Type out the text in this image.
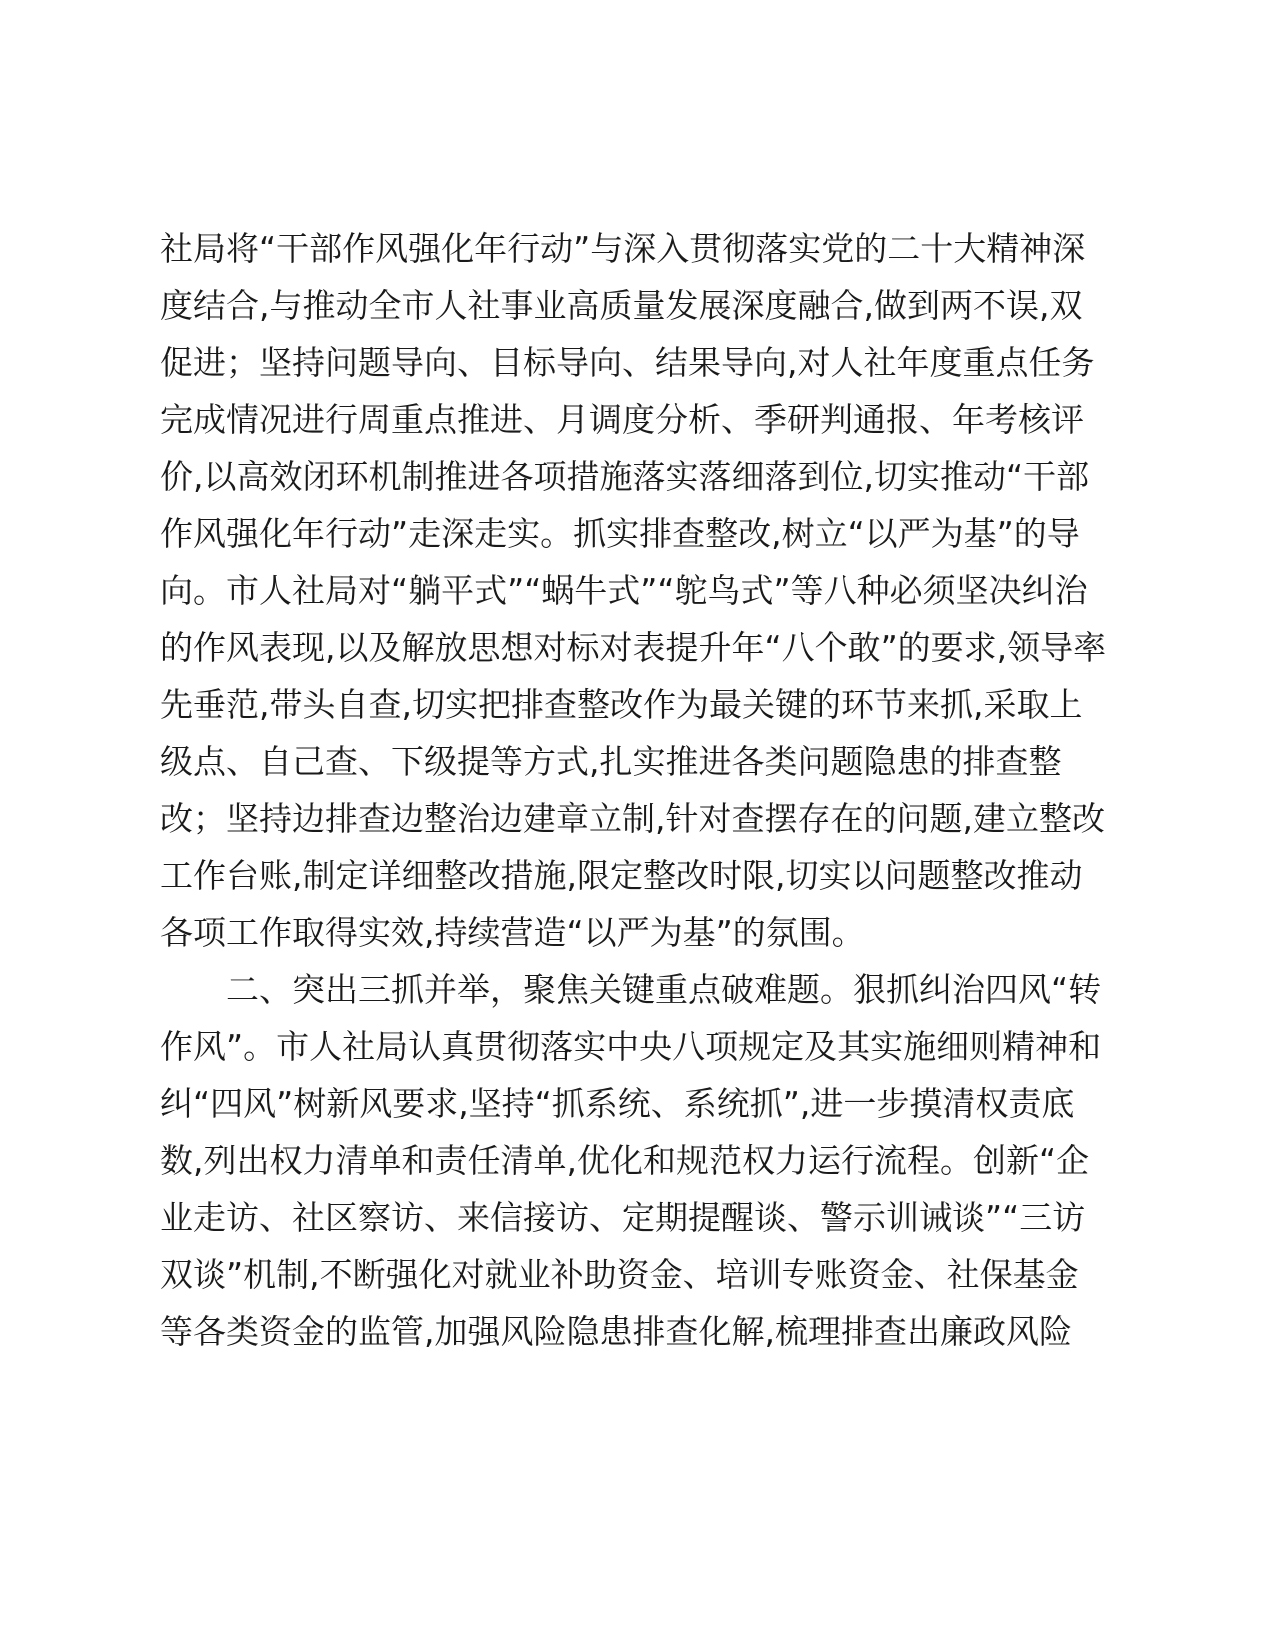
社局将“干部作风强化年行动”与深入贯彻落实党的二十大精神深
度结合,与推动全市人社事业高质量发展深度融合,做到两不误,双
促进；坚持问题导向、目标导向、结果导向,对人社年度重点任务
完成情况进行周重点推进、月调度分析、季研判通报、年考核评
价,以高效闭环机制推进各项措施落实落细落到位,切实推动“干部
作风强化年行动”走深走实。抓实排查整改,树立“以严为基”的导
向。市人社局对“躺平式”“蜗牛式”“鸵鸟式”等八种必须坚决纠治
的作风表现,以及解放思想对标对表提升年“八个敢”的要求,领导率
先垂范,带头自查,切实把排查整改作为最关键的环节来抓,采取上
级点、自己查、下级提等方式,扎实推进各类问题隐患的排查整
改；坚持边排查边整治边建章立制,针对查摆存在的问题,建立整改
工作台账,制定详细整改措施,限定整改时限,切实以问题整改推动
各项工作取得实效,持续营造“以严为基”的氛围。
二、突出三抓并举，聚焦关键重点破难题。狠抓纠治四风“转
作风”。市人社局认真贯彻落实中央八项规定及其实施细则精神和
纠“四风”树新风要求,坚持“抓系统、系统抓”,进一步摸清权责底
数,列出权力清单和责任清单,优化和规范权力运行流程。创新“企
业走访、社区察访、来信接访、定期提醒谈、警示训诫谈”“三访
双谈”机制,不断强化对就业补助资金、培训专账资金、社保基金
等各类资金的监管,加强风险隐患排查化解,梳理排查出廉政风险
